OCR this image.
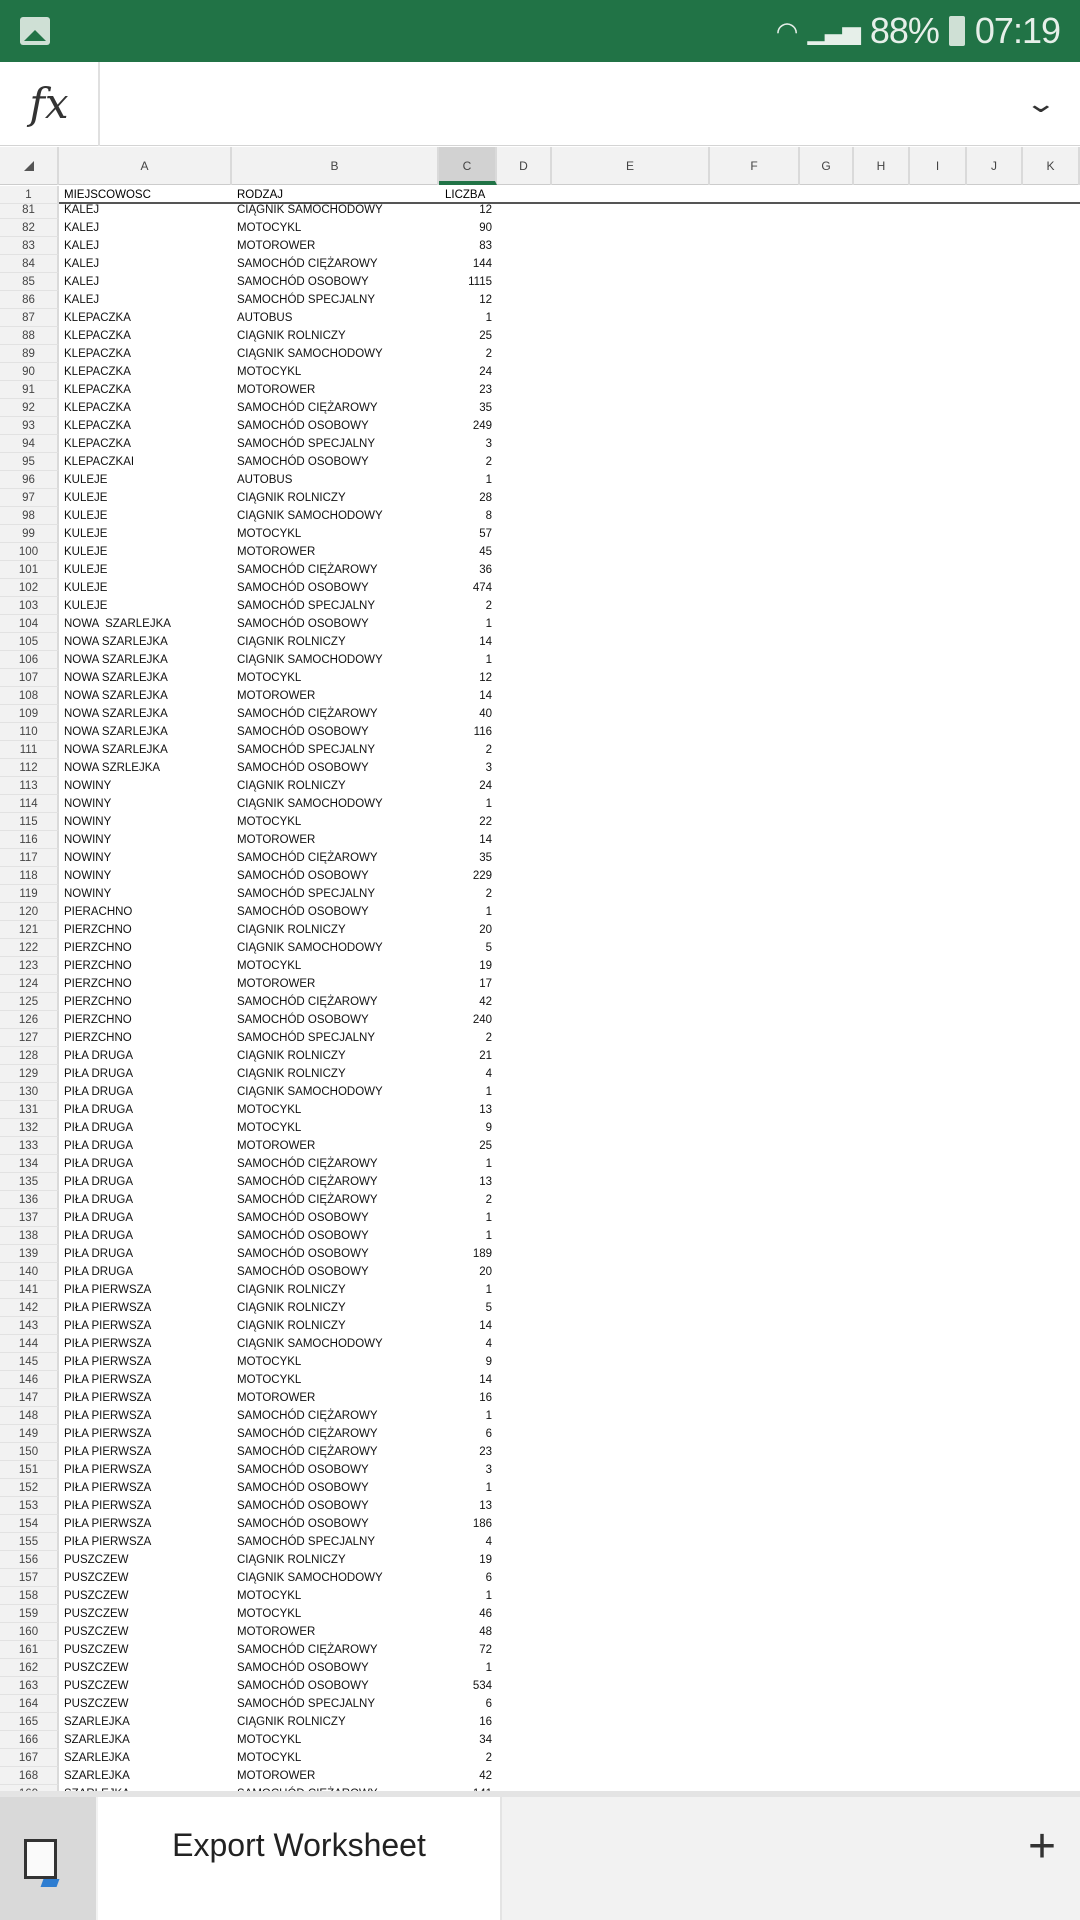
◠ ▁▃▅ 88% 07:19
fx	⌄
A	B	C	D	E	F	G	H	I	J	K
1	MIEJSCOWOSC	RODZAJ	LICZBA
81	KALEJ	CIĄGNIK SAMOCHODOWY	12
82	KALEJ	MOTOCYKL	90
83	KALEJ	MOTOROWER	83
84	KALEJ	SAMOCHÓD CIĘŻAROWY	144
85	KALEJ	SAMOCHÓD OSOBOWY	1115
86	KALEJ	SAMOCHÓD SPECJALNY	12
87	KLEPACZKA	AUTOBUS	1
88	KLEPACZKA	CIĄGNIK ROLNICZY	25
89	KLEPACZKA	CIĄGNIK SAMOCHODOWY	2
90	KLEPACZKA	MOTOCYKL	24
91	KLEPACZKA	MOTOROWER	23
92	KLEPACZKA	SAMOCHÓD CIĘŻAROWY	35
93	KLEPACZKA	SAMOCHÓD OSOBOWY	249
94	KLEPACZKA	SAMOCHÓD SPECJALNY	3
95	KLEPACZKAI	SAMOCHÓD OSOBOWY	2
96	KULEJE	AUTOBUS	1
97	KULEJE	CIĄGNIK ROLNICZY	28
98	KULEJE	CIĄGNIK SAMOCHODOWY	8
99	KULEJE	MOTOCYKL	57
100	KULEJE	MOTOROWER	45
101	KULEJE	SAMOCHÓD CIĘŻAROWY	36
102	KULEJE	SAMOCHÓD OSOBOWY	474
103	KULEJE	SAMOCHÓD SPECJALNY	2
104	NOWA  SZARLEJKA	SAMOCHÓD OSOBOWY	1
105	NOWA SZARLEJKA	CIĄGNIK ROLNICZY	14
106	NOWA SZARLEJKA	CIĄGNIK SAMOCHODOWY	1
107	NOWA SZARLEJKA	MOTOCYKL	12
108	NOWA SZARLEJKA	MOTOROWER	14
109	NOWA SZARLEJKA	SAMOCHÓD CIĘŻAROWY	40
110	NOWA SZARLEJKA	SAMOCHÓD OSOBOWY	116
111	NOWA SZARLEJKA	SAMOCHÓD SPECJALNY	2
112	NOWA SZRLEJKA	SAMOCHÓD OSOBOWY	3
113	NOWINY	CIĄGNIK ROLNICZY	24
114	NOWINY	CIĄGNIK SAMOCHODOWY	1
115	NOWINY	MOTOCYKL	22
116	NOWINY	MOTOROWER	14
117	NOWINY	SAMOCHÓD CIĘŻAROWY	35
118	NOWINY	SAMOCHÓD OSOBOWY	229
119	NOWINY	SAMOCHÓD SPECJALNY	2
120	PIERACHNO	SAMOCHÓD OSOBOWY	1
121	PIERZCHNO	CIĄGNIK ROLNICZY	20
122	PIERZCHNO	CIĄGNIK SAMOCHODOWY	5
123	PIERZCHNO	MOTOCYKL	19
124	PIERZCHNO	MOTOROWER	17
125	PIERZCHNO	SAMOCHÓD CIĘŻAROWY	42
126	PIERZCHNO	SAMOCHÓD OSOBOWY	240
127	PIERZCHNO	SAMOCHÓD SPECJALNY	2
128	PIŁA DRUGA	CIĄGNIK ROLNICZY	21
129	PIŁA DRUGA	CIĄGNIK ROLNICZY	4
130	PIŁA DRUGA	CIĄGNIK SAMOCHODOWY	1
131	PIŁA DRUGA	MOTOCYKL	13
132	PIŁA DRUGA	MOTOCYKL	9
133	PIŁA DRUGA	MOTOROWER	25
134	PIŁA DRUGA	SAMOCHÓD CIĘŻAROWY	1
135	PIŁA DRUGA	SAMOCHÓD CIĘŻAROWY	13
136	PIŁA DRUGA	SAMOCHÓD CIĘŻAROWY	2
137	PIŁA DRUGA	SAMOCHÓD OSOBOWY	1
138	PIŁA DRUGA	SAMOCHÓD OSOBOWY	1
139	PIŁA DRUGA	SAMOCHÓD OSOBOWY	189
140	PIŁA DRUGA	SAMOCHÓD OSOBOWY	20
141	PIŁA PIERWSZA	CIĄGNIK ROLNICZY	1
142	PIŁA PIERWSZA	CIĄGNIK ROLNICZY	5
143	PIŁA PIERWSZA	CIĄGNIK ROLNICZY	14
144	PIŁA PIERWSZA	CIĄGNIK SAMOCHODOWY	4
145	PIŁA PIERWSZA	MOTOCYKL	9
146	PIŁA PIERWSZA	MOTOCYKL	14
147	PIŁA PIERWSZA	MOTOROWER	16
148	PIŁA PIERWSZA	SAMOCHÓD CIĘŻAROWY	1
149	PIŁA PIERWSZA	SAMOCHÓD CIĘŻAROWY	6
150	PIŁA PIERWSZA	SAMOCHÓD CIĘŻAROWY	23
151	PIŁA PIERWSZA	SAMOCHÓD OSOBOWY	3
152	PIŁA PIERWSZA	SAMOCHÓD OSOBOWY	1
153	PIŁA PIERWSZA	SAMOCHÓD OSOBOWY	13
154	PIŁA PIERWSZA	SAMOCHÓD OSOBOWY	186
155	PIŁA PIERWSZA	SAMOCHÓD SPECJALNY	4
156	PUSZCZEW	CIĄGNIK ROLNICZY	19
157	PUSZCZEW	CIĄGNIK SAMOCHODOWY	6
158	PUSZCZEW	MOTOCYKL	1
159	PUSZCZEW	MOTOCYKL	46
160	PUSZCZEW	MOTOROWER	48
161	PUSZCZEW	SAMOCHÓD CIĘŻAROWY	72
162	PUSZCZEW	SAMOCHÓD OSOBOWY	1
163	PUSZCZEW	SAMOCHÓD OSOBOWY	534
164	PUSZCZEW	SAMOCHÓD SPECJALNY	6
165	SZARLEJKA	CIĄGNIK ROLNICZY	16
166	SZARLEJKA	MOTOCYKL	34
167	SZARLEJKA	MOTOCYKL	2
168	SZARLEJKA	MOTOROWER	42
Export Worksheet	+
